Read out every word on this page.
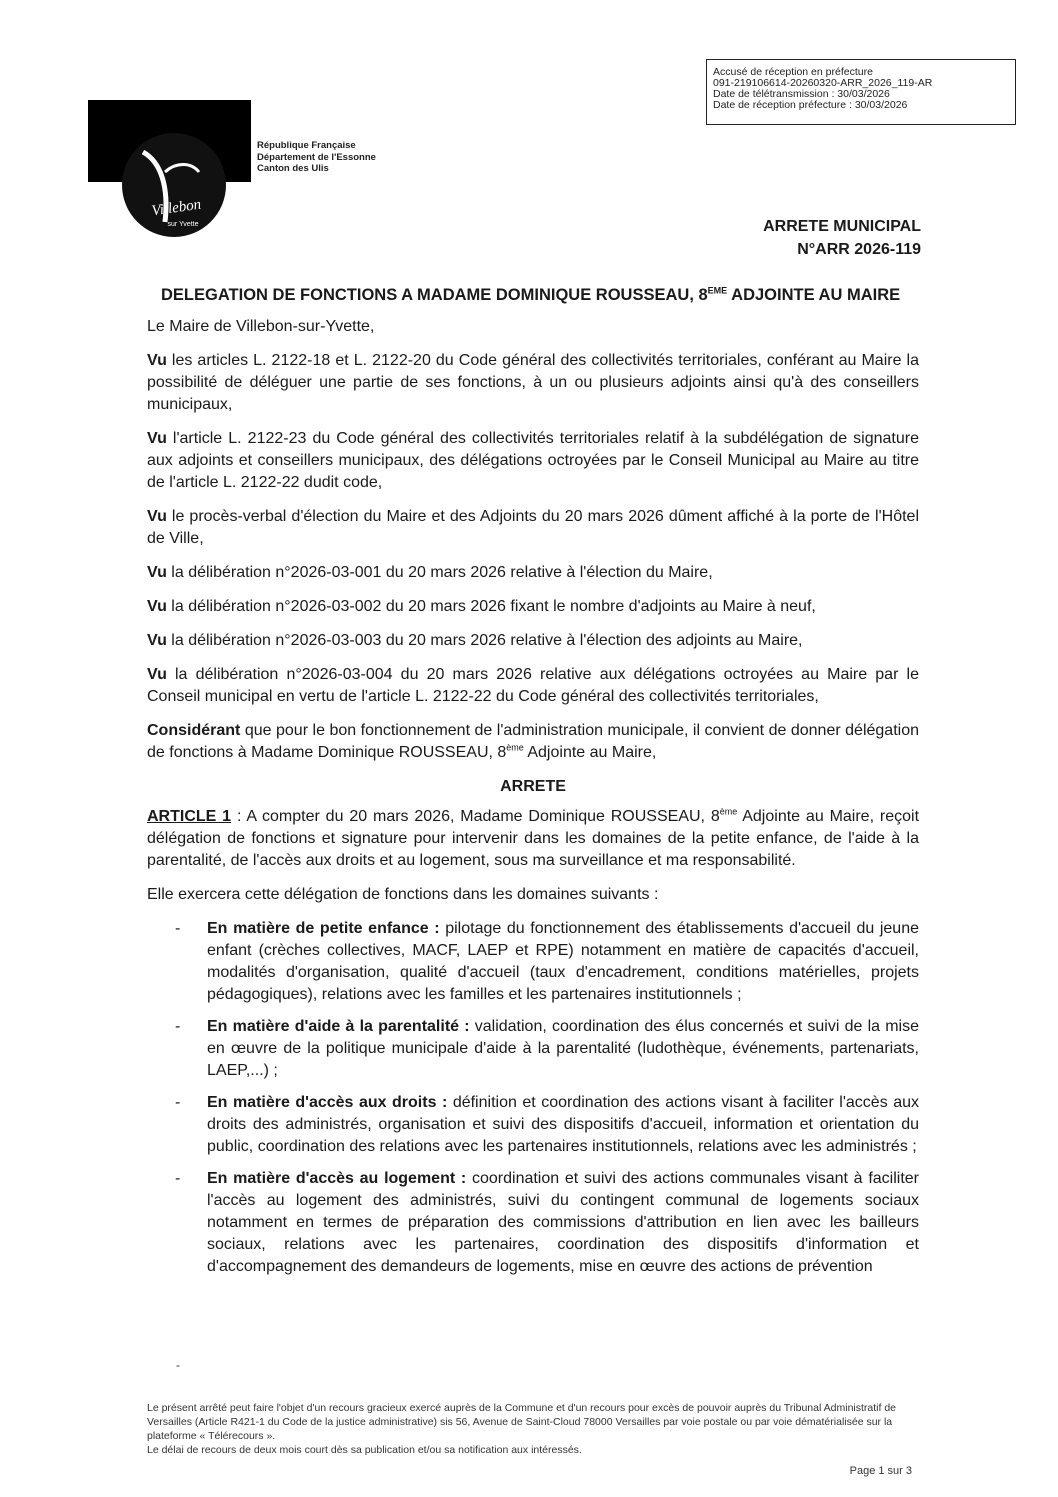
Accusé de réception en préfecture
091-219106614-20260320-ARR_2026_119-AR
Date de télétransmission : 30/03/2026
Date de réception préfecture : 30/03/2026
Villebon
sur Yvette
République Française
Département de l'Essonne
Canton des Ulis
ARRETE MUNICIPAL
N°ARR 2026-119
DELEGATION DE FONCTIONS A MADAME DOMINIQUE ROUSSEAU, 8EME ADJOINTE AU MAIRE

Le Maire de Villebon-sur-Yvette,

Vu les articles L. 2122-18 et L. 2122-20 du Code général des collectivités territoriales, conférant au Maire la possibilité de déléguer une partie de ses fonctions, à un ou plusieurs adjoints ainsi qu'à des conseillers municipaux,

Vu l'article L. 2122-23 du Code général des collectivités territoriales relatif à la subdélégation de signature aux adjoints et conseillers municipaux, des délégations octroyées par le Conseil Municipal au Maire au titre de l'article L. 2122-22 dudit code,

Vu le procès-verbal d'élection du Maire et des Adjoints du 20 mars 2026 dûment affiché à la porte de l'Hôtel de Ville,

Vu la délibération n°2026-03-001 du 20 mars 2026 relative à l'élection du Maire,

Vu la délibération n°2026-03-002 du 20 mars 2026 fixant le nombre d'adjoints au Maire à neuf,

Vu la délibération n°2026-03-003 du 20 mars 2026 relative à l'élection des adjoints au Maire,

Vu la délibération n°2026-03-004 du 20 mars 2026 relative aux délégations octroyées au Maire par le Conseil municipal en vertu de l'article L. 2122-22 du Code général des collectivités territoriales,

Considérant que pour le bon fonctionnement de l'administration municipale, il convient de donner délégation de fonctions à Madame Dominique ROUSSEAU, 8ème Adjointe au Maire,

ARRETE

ARTICLE 1 : A compter du 20 mars 2026, Madame Dominique ROUSSEAU, 8ème Adjointe au Maire, reçoit délégation de fonctions et signature pour intervenir dans les domaines de la petite enfance, de l'aide à la parentalité, de l'accès aux droits et au logement, sous ma surveillance et ma responsabilité.

Elle exercera cette délégation de fonctions dans les domaines suivants :

- En matière de petite enfance : pilotage du fonctionnement des établissements d'accueil du jeune enfant (crèches collectives, MACF, LAEP et RPE) notamment en matière de capacités d'accueil, modalités d'organisation, qualité d'accueil (taux d'encadrement, conditions matérielles, projets pédagogiques), relations avec les familles et les partenaires institutionnels ;
- En matière d'aide à la parentalité : validation, coordination des élus concernés et suivi de la mise en œuvre de la politique municipale d'aide à la parentalité (ludothèque, événements, partenariats, LAEP,...) ;
- En matière d'accès aux droits : définition et coordination des actions visant à faciliter l'accès aux droits des administrés, organisation et suivi des dispositifs d'accueil, information et orientation du public, coordination des relations avec les partenaires institutionnels, relations avec les administrés ;
- En matière d'accès au logement : coordination et suivi des actions communales visant à faciliter l'accès au logement des administrés, suivi du contingent communal de logements sociaux notamment en termes de préparation des commissions d'attribution en lien avec les bailleurs sociaux, relations avec les partenaires, coordination des dispositifs d'information et d'accompagnement des demandeurs de logements, mise en œuvre des actions de prévention
-

Le présent arrêté peut faire l'objet d'un recours gracieux exercé auprès de la Commune et d'un recours pour excès de pouvoir auprès du Tribunal Administratif de Versailles (Article R421-1 du Code de la justice administrative) sis 56, Avenue de Saint-Cloud 78000 Versailles par voie postale ou par voie dématérialisée sur la plateforme « Télérecours ».

Le délai de recours de deux mois court dès sa publication et/ou sa notification aux intéressés.

Page 1 sur 3
